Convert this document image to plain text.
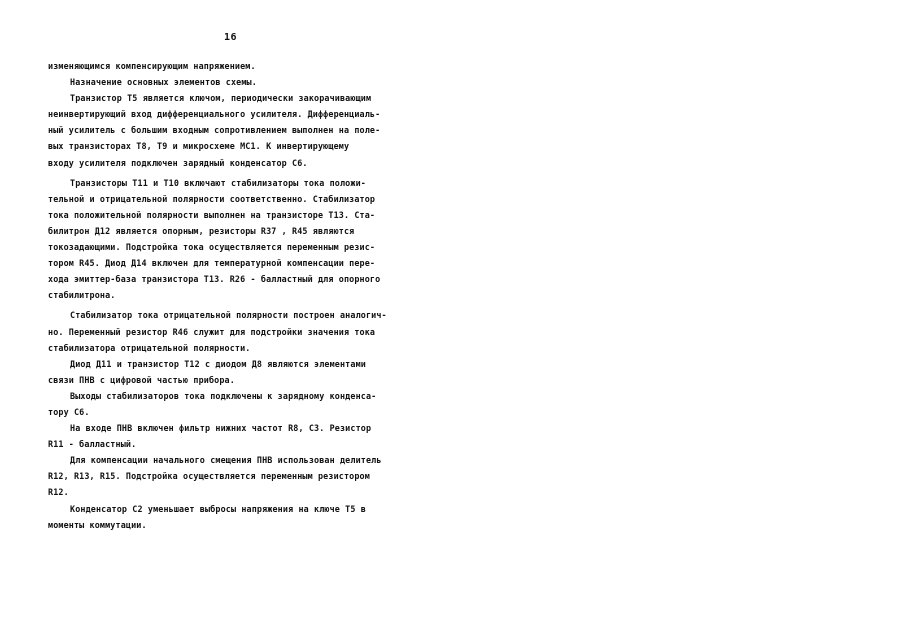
16
изменяющимся компенсирующим напряжением.
Назначение основных элементов схемы.
Транзистор Т5 является ключом, периодически закорачивающим
неинвертирующий вход дифференциального усилителя. Дифференциаль-
ный усилитель с большим входным сопротивлением выполнен на поле-
вых транзисторах Т8, Т9 и микросхеме МС1. К инвертирующему
входу усилителя подключен зарядный конденсатор С6.
Транзисторы Т11 и Т10 включают стабилизаторы тока положи-
тельной и отрицательной полярности соответственно. Стабилизатор
тока положительной полярности выполнен на транзисторе Т13. Ста-
билитрон Д12 является опорным, резисторы R37 , R45 являются
токозадающими. Подстройка тока осуществляется переменным резис-
тором R45. Диод Д14 включен для температурной компенсации пере-
хода эмиттер-база транзистора Т13. R26 - балластный для опорного
стабилитрона.
Стабилизатор тока отрицательной полярности построен аналогич-
но. Переменный резистор R46 служит для подстройки значения тока
стабилизатора отрицательной полярности.
Диод Д11 и транзистор Т12 с диодом Д8 являются элементами
связи ПНВ с цифровой частью прибора.
Выходы стабилизаторов тока подключены к зарядному конденса-
тору С6.
На входе ПНВ включен фильтр нижних частот R8, С3. Резистор
R11 - балластный.
Для компенсации начального смещения ПНВ использован делитель
R12, R13, R15. Подстройка осуществляется переменным резистором
R12.
Конденсатор С2 уменьшает выбросы напряжения на ключе Т5 в
моменты коммутации.
